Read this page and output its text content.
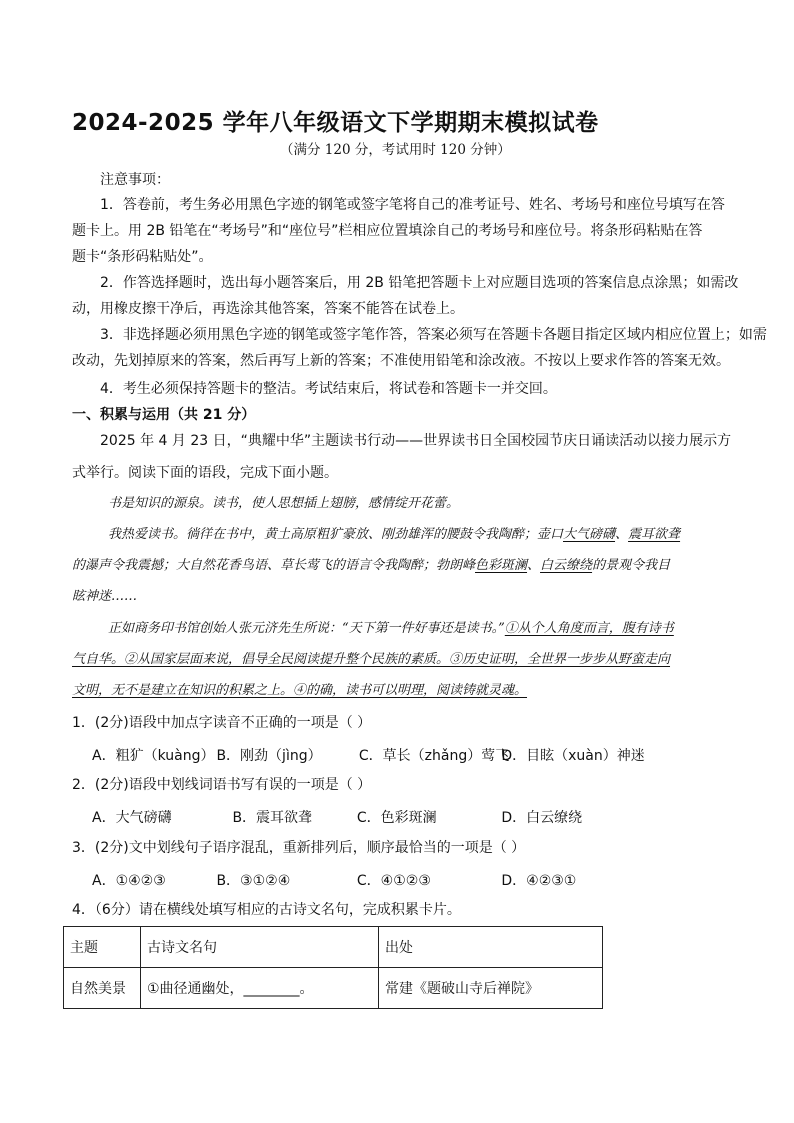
2024-2025 学年八年级语文下学期期末模拟试卷
（满分 120 分，考试用时 120 分钟）
注意事项：
1．答卷前，考生务必用黑色字迹的钢笔或签字笔将自己的准考证号、姓名、考场号和座位号填写在答
题卡上。用 2B 铅笔在“考场号”和“座位号”栏相应位置填涂自己的考场号和座位号。将条形码粘贴在答
题卡“条形码粘贴处”。
2．作答选择题时，选出每小题答案后，用 2B 铅笔把答题卡上对应题目选项的答案信息点涂黑；如需改
动，用橡皮擦干净后，再选涂其他答案，答案不能答在试卷上。
3．非选择题必须用黑色字迹的钢笔或签字笔作答，答案必须写在答题卡各题目指定区域内相应位置上；如需
改动，先划掉原来的答案，然后再写上新的答案；不准使用铅笔和涂改液。不按以上要求作答的答案无效。
4．考生必须保持答题卡的整洁。考试结束后，将试卷和答题卡一并交回。
一、积累与运用（共 21 分）
2025 年 4 月 23 日，“典耀中华”主题读书行动——世界读书日全国校园节庆日诵读活动以接力展示方
式举行。阅读下面的语段，完成下面小题。
书是知识的源泉。读书，使人思想插上翅膀，感情绽开花蕾。
我热爱读书。徜徉在书中，黄土高原粗犷豪放、刚劲雄浑的腰鼓令我陶醉；壶口大气磅礴、震耳欲聋
的瀑声令我震撼；大自然花香鸟语、草长莺飞的语言令我陶醉；勃朗峰色彩斑澜、白云缭绕的景观令我目
眩神迷……
正如商务印书馆创始人张元济先生所说：“天下第一件好事还是读书。”①从个人角度而言，腹有诗书
气自华。②从国家层面来说，倡导全民阅读提升整个民族的素质。③历史证明，全世界一步步从野蛮走向
文明，无不是建立在知识的积累之上。④的确，读书可以明理，阅读铸就灵魂。
1．(2分)语段中加点字读音不正确的一项是（ ）
A．粗犷（kuàng） B．刚劲（jìng）	C．草长（zhǎng）莺飞 D．目眩（xuàn）神迷
2．(2分)语段中划线词语书写有误的一项是（ ）
A．大气磅礴	B．震耳欲聋	C．色彩斑澜	D．白云缭绕
3．(2分)文中划线句子语序混乱，重新排列后，顺序最恰当的一项是（ ）
A．①④②③	B．③①②④	C．④①②③	D．④②③①
4．（6分）请在横线处填写相应的古诗文名句，完成积累卡片。
主题	古诗文名句	出处
自然美景	①曲径通幽处，________。	常建《题破山寺后禅院》
